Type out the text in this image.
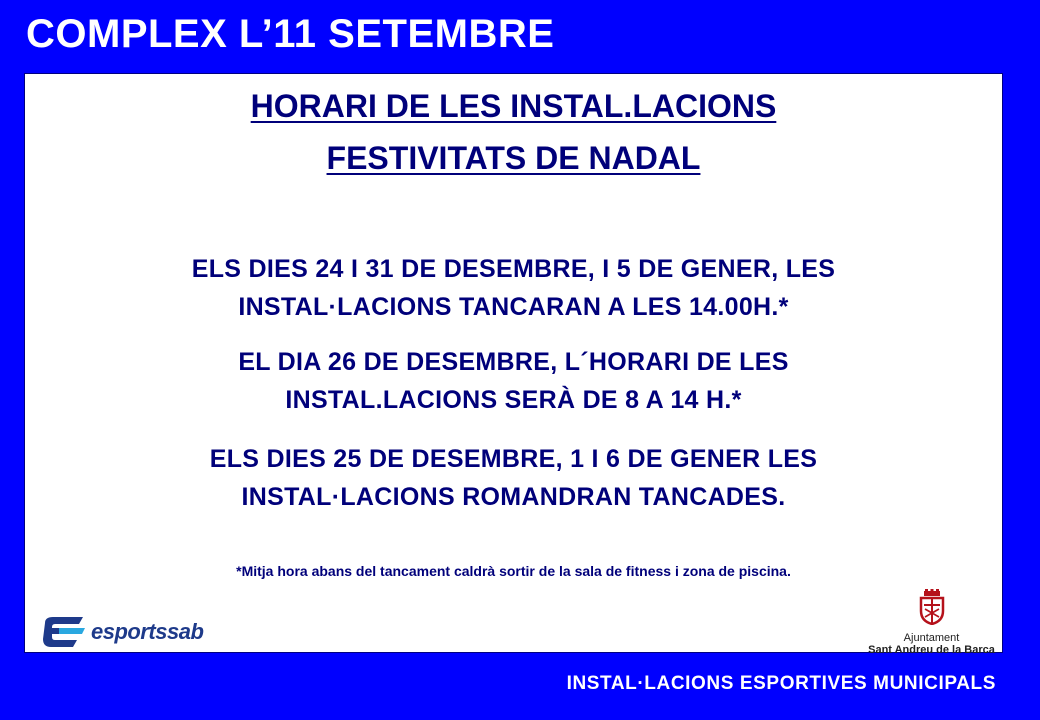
COMPLEX L’11 SETEMBRE
HORARI DE LES INSTAL.LACIONS
FESTIVITATS DE NADAL
ELS DIES 24 I 31 DE DESEMBRE, I 5 DE GENER, LES
INSTAL·LACIONS TANCARAN A LES 14.00H.*
EL DIA 26 DE DESEMBRE, L´HORARI DE LES
INSTAL.LACIONS SERÀ DE 8 A 14 H.*
ELS DIES 25 DE DESEMBRE, 1 I 6 DE GENER LES
INSTAL·LACIONS ROMANDRAN TANCADES.
*Mitja hora abans del tancament caldrà sortir de la sala de fitness i zona de piscina.
esportssab	Ajuntament
Sant Andreu de la Barca
INSTAL·LACIONS ESPORTIVES MUNICIPALS
